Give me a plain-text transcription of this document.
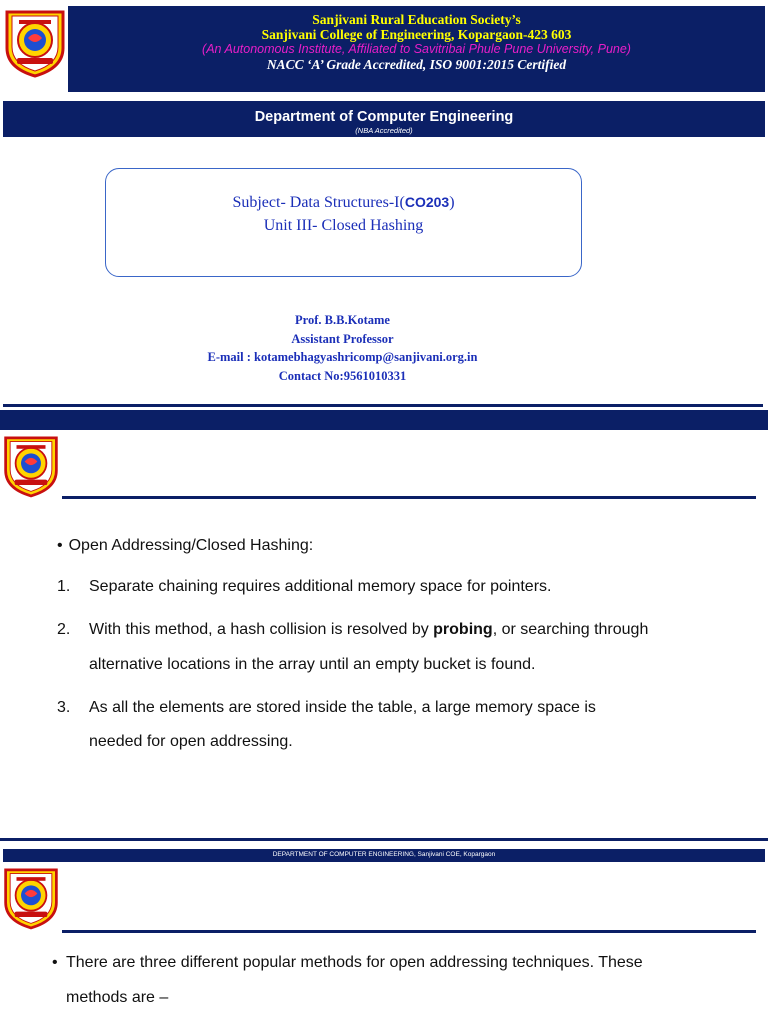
Sanjivani Rural Education Society’s
Sanjivani College of Engineering, Kopargaon-423 603
(An Autonomous Institute, Affiliated to Savitribai Phule Pune University, Pune)
NACC ‘A’ Grade Accredited, ISO 9001:2015 Certified
Department of Computer Engineering
(NBA Accredited)
Subject- Data Structures-I(CO203)
Unit III- Closed Hashing
Prof. B.B.Kotame
Assistant Professor
E-mail : kotamebhagyashricomp@sanjivani.org.in
Contact No:9561010331
• Open Addressing/Closed Hashing:
1. Separate chaining requires additional memory space for pointers.
2. With this method, a hash collision is resolved by probing, or searching through
alternative locations in the array until an empty bucket is found.
3. As all the elements are stored inside the table, a large memory space is
needed for open addressing.
DEPARTMENT OF COMPUTER ENGINEERING, Sanjivani COE, Kopargaon
• There are three different popular methods for open addressing techniques. These
methods are –
